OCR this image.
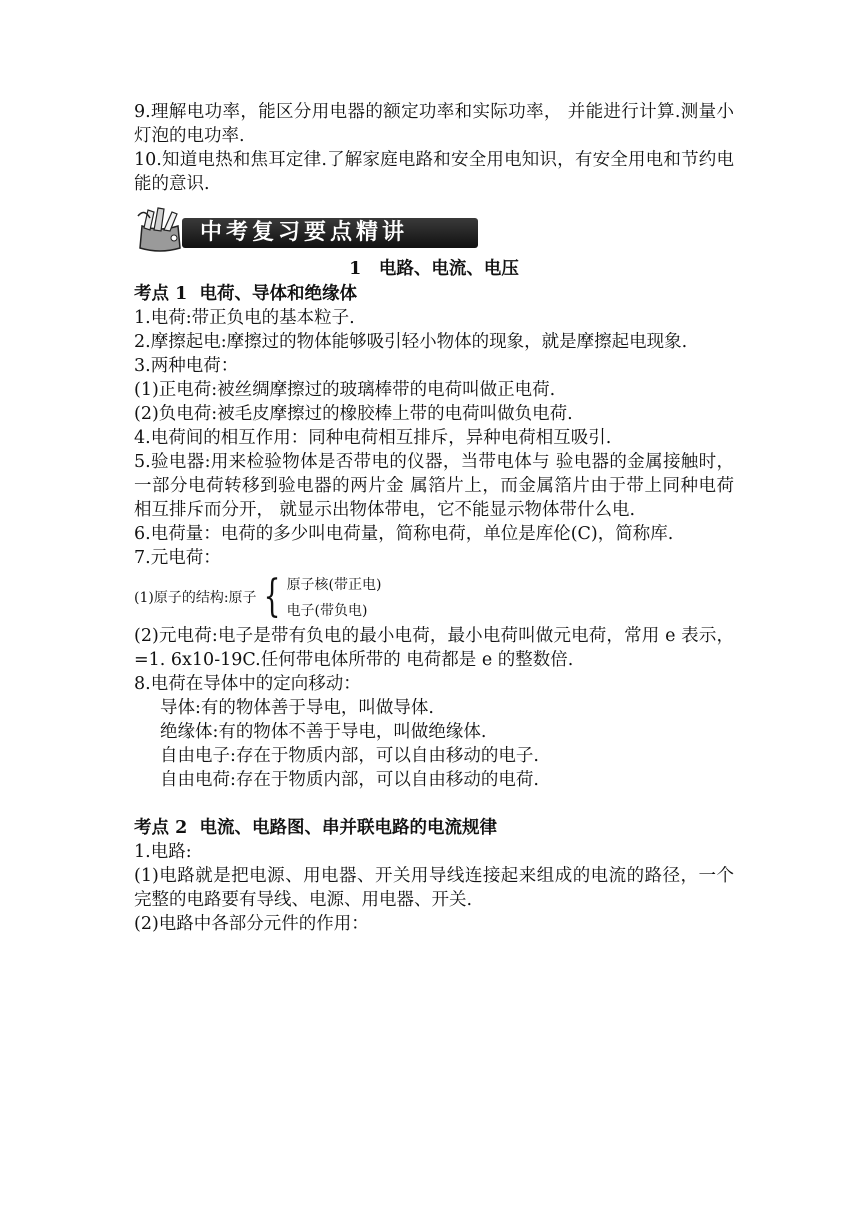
9.理解电功率，能区分用电器的额定功率和实际功率， 并能进行计算.测量小灯泡的电功率.

10.知道电热和焦耳定律.了解家庭电路和安全用电知识，有安全用电和节约电能的意识.

中考复习要点精讲
1　电路、电流、电压

考点 1  电荷、导体和绝缘体

1.电荷:带正负电的基本粒子.

2.摩擦起电:摩擦过的物体能够吸引轻小物体的现象，就是摩擦起电现象.

3.两种电荷：

(1)正电荷:被丝绸摩擦过的玻璃棒带的电荷叫做正电荷.

(2)负电荷:被毛皮摩擦过的橡胶棒上带的电荷叫做负电荷.

4.电荷间的相互作用：同种电荷相互排斥，异种电荷相互吸引.

5.验电器:用来检验物体是否带电的仪器，当带电体与 验电器的金属接触时，一部分电荷转移到验电器的两片金 属箔片上，而金属箔片由于带上同种电荷相互排斥而分开， 就显示出物体带电，它不能显示物体带什么电.

6.电荷量：电荷的多少叫电荷量，简称电荷，单位是库伦(C)，简称库.

7.元电荷：

(1)原子的结构:原子 { 原子核(带正电)
电子(带负电)

(2)元电荷:电子是带有负电的最小电荷，最小电荷叫做元电荷，常用 e 表示，=1. 6x10-19C.任何带电体所带的 电荷都是 e 的整数倍.

8.电荷在导体中的定向移动：

导体:有的物体善于导电，叫做导体.

绝缘体:有的物体不善于导电，叫做绝缘体.

自由电子:存在于物质内部，可以自由移动的电子.

自由电荷:存在于物质内部，可以自由移动的电荷.

考点 2  电流、电路图、串并联电路的电流规律

1.电路:

(1)电路就是把电源、用电器、开关用导线连接起来组成的电流的路径，一个完整的电路要有导线、电源、用电器、开关.

(2)电路中各部分元件的作用：
